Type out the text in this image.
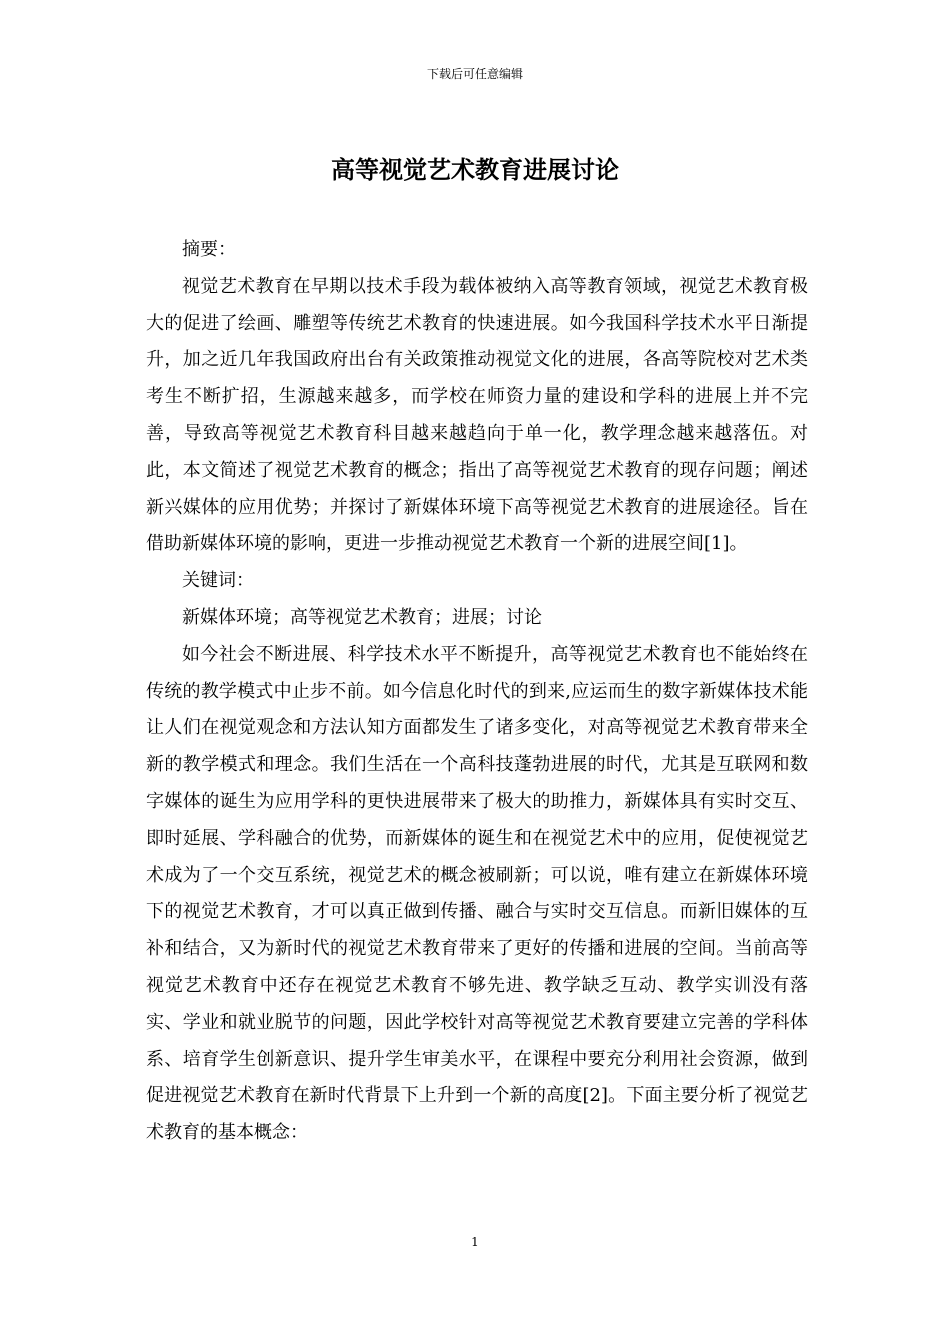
下载后可任意编辑
高等视觉艺术教育进展讨论

摘要：

视觉艺术教育在早期以技术手段为载体被纳入高等教育领域，视觉艺术教育极大的促进了绘画、雕塑等传统艺术教育的快速进展。如今我国科学技术水平日渐提升，加之近几年我国政府出台有关政策推动视觉文化的进展，各高等院校对艺术类考生不断扩招，生源越来越多，而学校在师资力量的建设和学科的进展上并不完善，导致高等视觉艺术教育科目越来越趋向于单一化，教学理念越来越落伍。对此，本文简述了视觉艺术教育的概念；指出了高等视觉艺术教育的现存问题；阐述新兴媒体的应用优势；并探讨了新媒体环境下高等视觉艺术教育的进展途径。旨在借助新媒体环境的影响，更进一步推动视觉艺术教育一个新的进展空间[1]。

关键词：

新媒体环境；高等视觉艺术教育；进展；讨论

如今社会不断进展、科学技术水平不断提升，高等视觉艺术教育也不能始终在传统的教学模式中止步不前。如今信息化时代的到来,应运而生的数字新媒体技术能让人们在视觉观念和方法认知方面都发生了诸多变化，对高等视觉艺术教育带来全新的教学模式和理念。我们生活在一个高科技蓬勃进展的时代，尤其是互联网和数字媒体的诞生为应用学科的更快进展带来了极大的助推力，新媒体具有实时交互、即时延展、学科融合的优势，而新媒体的诞生和在视觉艺术中的应用，促使视觉艺术成为了一个交互系统，视觉艺术的概念被刷新；可以说，唯有建立在新媒体环境下的视觉艺术教育，才可以真正做到传播、融合与实时交互信息。而新旧媒体的互补和结合，又为新时代的视觉艺术教育带来了更好的传播和进展的空间。当前高等视觉艺术教育中还存在视觉艺术教育不够先进、教学缺乏互动、教学实训没有落实、学业和就业脱节的问题，因此学校针对高等视觉艺术教育要建立完善的学科体系、培育学生创新意识、提升学生审美水平，在课程中要充分利用社会资源，做到促进视觉艺术教育在新时代背景下上升到一个新的高度[2]。下面主要分析了视觉艺术教育的基本概念：

1
